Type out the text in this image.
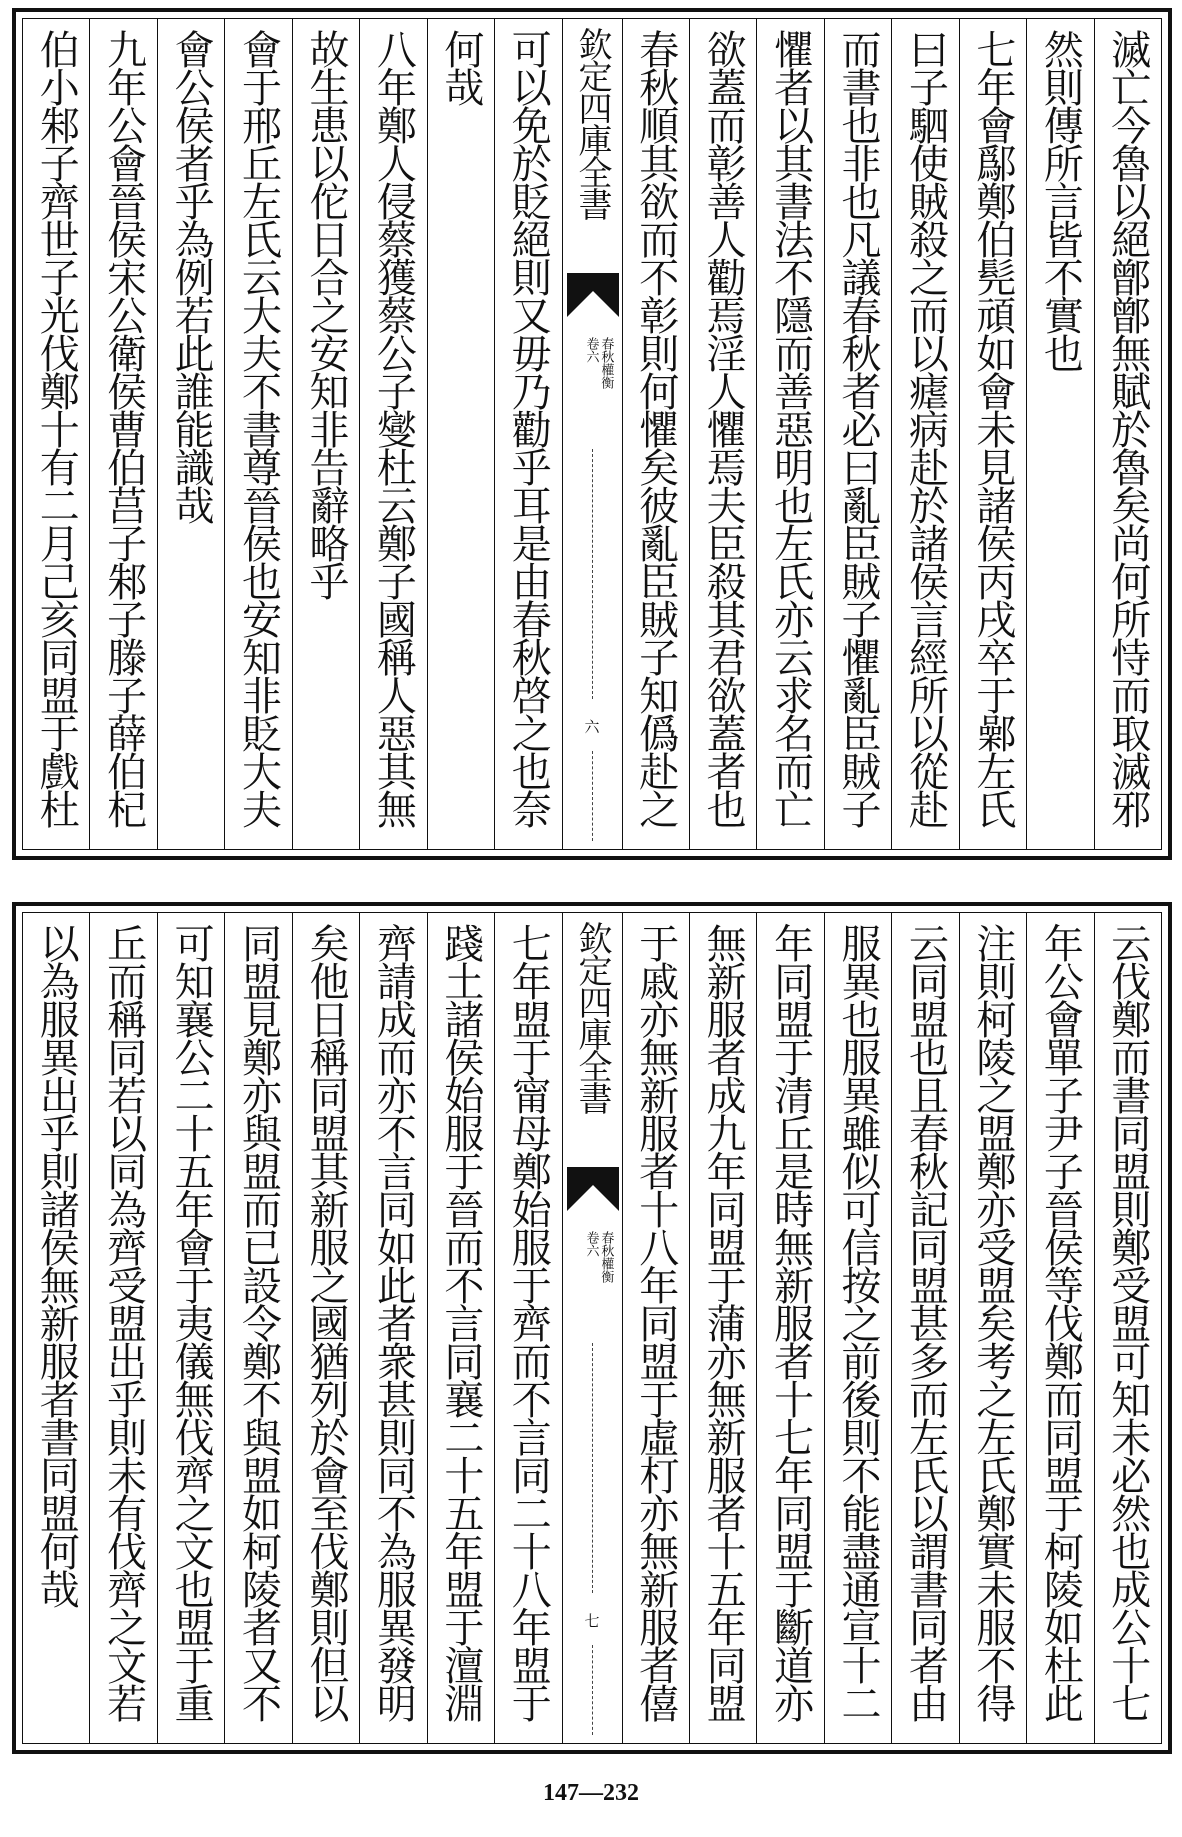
滅亡今魯以絕鄫鄫無賦於魯矣尚何所恃而取滅邪
然則傳所言皆不實也
七年會鄬鄭伯髡頑如會未見諸侯丙戌卒于鄵左氏
曰子駟使賊殺之而以瘧病赴於諸侯言經所以從赴
而書也非也凡議春秋者必曰亂臣賊子懼亂臣賊子
懼者以其書法不隱而善惡明也左氏亦云求名而亡
欲蓋而彰善人勸焉淫人懼焉夫臣殺其君欲蓋者也
春秋順其欲而不彰則何懼矣彼亂臣賊子知僞赴之
欽定四庫全書
春秋權衡
卷六
六
可以免於貶絕則又毋乃勸乎耳是由春秋啓之也奈
何哉
八年鄭人侵蔡獲蔡公子燮杜云鄭子國稱人惡其無
故生患以佗日合之安知非告辭略乎
會于邢丘左氏云大夫不書尊晉侯也安知非貶大夫
會公侯者乎為例若此誰能識哉
九年公會晉侯宋公衛侯曹伯莒子邾子滕子薛伯杞
伯小邾子齊世子光伐鄭十有二月己亥同盟于戲杜
云伐鄭而書同盟則鄭受盟可知未必然也成公十七
年公會單子尹子晉侯等伐鄭而同盟于柯陵如杜此
注則柯陵之盟鄭亦受盟矣考之左氏鄭實未服不得
云同盟也且春秋記同盟甚多而左氏以謂書同者由
服異也服異雖似可信按之前後則不能盡通宣十二
年同盟于清丘是時無新服者十七年同盟于斷道亦
無新服者成九年同盟于蒲亦無新服者十五年同盟
于戚亦無新服者十八年同盟于虛朾亦無新服者僖
欽定四庫全書
春秋權衡
卷六
七
七年盟于甯母鄭始服于齊而不言同二十八年盟于
踐土諸侯始服于晉而不言同襄二十五年盟于澶淵
齊請成而亦不言同如此者衆甚則同不為服異發明
矣他日稱同盟其新服之國猶列於會至伐鄭則但以
同盟見鄭亦與盟而已設令鄭不與盟如柯陵者又不
可知襄公二十五年會于夷儀無伐齊之文也盟于重
丘而稱同若以同為齊受盟出乎則未有伐齊之文若
以為服異出乎則諸侯無新服者書同盟何哉
147—232
